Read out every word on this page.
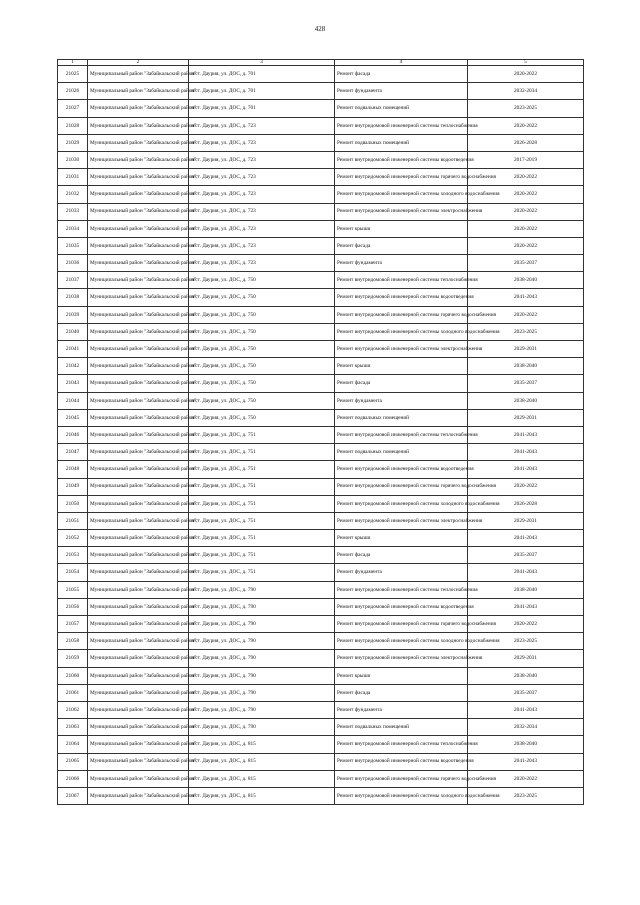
428
1	2	3	4	5
21025	Муниципальный район "Забайкальский район"	п/ст. Даурия, ул. ДОС, д. 701	Ремонт фасада	2020-2022
21026	Муниципальный район "Забайкальский район"	п/ст. Даурия, ул. ДОС, д. 701	Ремонт фундамента	2032-2034
21027	Муниципальный район "Забайкальский район"	п/ст. Даурия, ул. ДОС, д. 701	Ремонт подвальных помещений	2023-2025
21028	Муниципальный район "Забайкальский район"	п/ст. Даурия, ул. ДОС, д. 723	Ремонт внутридомовой инженерной системы теплоснабжения	2020-2022
21029	Муниципальный район "Забайкальский район"	п/ст. Даурия, ул. ДОС, д. 723	Ремонт подвальных помещений	2026-2028
21030	Муниципальный район "Забайкальский район"	п/ст. Даурия, ул. ДОС, д. 723	Ремонт внутридомовой инженерной системы водоотведения	2017-2019
21031	Муниципальный район "Забайкальский район"	п/ст. Даурия, ул. ДОС, д. 723	Ремонт внутридомовой инженерной системы горячего водоснабжения	2020-2022
21032	Муниципальный район "Забайкальский район"	п/ст. Даурия, ул. ДОС, д. 723	Ремонт внутридомовой инженерной системы холодного водоснабжения	2020-2022
21033	Муниципальный район "Забайкальский район"	п/ст. Даурия, ул. ДОС, д. 723	Ремонт внутридомовой инженерной системы электроснабжения	2020-2022
21034	Муниципальный район "Забайкальский район"	п/ст. Даурия, ул. ДОС, д. 723	Ремонт крыши	2020-2022
21035	Муниципальный район "Забайкальский район"	п/ст. Даурия, ул. ДОС, д. 723	Ремонт фасада	2020-2022
21036	Муниципальный район "Забайкальский район"	п/ст. Даурия, ул. ДОС, д. 723	Ремонт фундамента	2035-2037
21037	Муниципальный район "Забайкальский район"	п/ст. Даурия, ул. ДОС, д. 750	Ремонт внутридомовой инженерной системы теплоснабжения	2038-2040
21038	Муниципальный район "Забайкальский район"	п/ст. Даурия, ул. ДОС, д. 750	Ремонт внутридомовой инженерной системы водоотведения	2041-2043
21039	Муниципальный район "Забайкальский район"	п/ст. Даурия, ул. ДОС, д. 750	Ремонт внутридомовой инженерной системы горячего водоснабжения	2020-2022
21040	Муниципальный район "Забайкальский район"	п/ст. Даурия, ул. ДОС, д. 750	Ремонт внутридомовой инженерной системы холодного водоснабжения	2023-2025
21041	Муниципальный район "Забайкальский район"	п/ст. Даурия, ул. ДОС, д. 750	Ремонт внутридомовой инженерной системы электроснабжения	2029-2031
21042	Муниципальный район "Забайкальский район"	п/ст. Даурия, ул. ДОС, д. 750	Ремонт крыши	2038-2040
21043	Муниципальный район "Забайкальский район"	п/ст. Даурия, ул. ДОС, д. 750	Ремонт фасада	2035-2037
21044	Муниципальный район "Забайкальский район"	п/ст. Даурия, ул. ДОС, д. 750	Ремонт фундамента	2038-2040
21045	Муниципальный район "Забайкальский район"	п/ст. Даурия, ул. ДОС, д. 750	Ремонт подвальных помещений	2029-2031
21046	Муниципальный район "Забайкальский район"	п/ст. Даурия, ул. ДОС, д. 751	Ремонт внутридомовой инженерной системы теплоснабжения	2041-2043
21047	Муниципальный район "Забайкальский район"	п/ст. Даурия, ул. ДОС, д. 751	Ремонт подвальных помещений	2041-2043
21048	Муниципальный район "Забайкальский район"	п/ст. Даурия, ул. ДОС, д. 751	Ремонт внутридомовой инженерной системы водоотведения	2041-2043
21049	Муниципальный район "Забайкальский район"	п/ст. Даурия, ул. ДОС, д. 751	Ремонт внутридомовой инженерной системы горячего водоснабжения	2020-2022
21050	Муниципальный район "Забайкальский район"	п/ст. Даурия, ул. ДОС, д. 751	Ремонт внутридомовой инженерной системы холодного водоснабжения	2026-2028
21051	Муниципальный район "Забайкальский район"	п/ст. Даурия, ул. ДОС, д. 751	Ремонт внутридомовой инженерной системы электроснабжения	2029-2031
21052	Муниципальный район "Забайкальский район"	п/ст. Даурия, ул. ДОС, д. 751	Ремонт крыши	2041-2043
21053	Муниципальный район "Забайкальский район"	п/ст. Даурия, ул. ДОС, д. 751	Ремонт фасада	2035-2037
21054	Муниципальный район "Забайкальский район"	п/ст. Даурия, ул. ДОС, д. 751	Ремонт фундамента	2041-2043
21055	Муниципальный район "Забайкальский район"	п/ст. Даурия, ул. ДОС, д. 790	Ремонт внутридомовой инженерной системы теплоснабжения	2038-2040
21056	Муниципальный район "Забайкальский район"	п/ст. Даурия, ул. ДОС, д. 790	Ремонт внутридомовой инженерной системы водоотведения	2041-2043
21057	Муниципальный район "Забайкальский район"	п/ст. Даурия, ул. ДОС, д. 790	Ремонт внутридомовой инженерной системы горячего водоснабжения	2020-2022
21058	Муниципальный район "Забайкальский район"	п/ст. Даурия, ул. ДОС, д. 790	Ремонт внутридомовой инженерной системы холодного водоснабжения	2023-2025
21059	Муниципальный район "Забайкальский район"	п/ст. Даурия, ул. ДОС, д. 790	Ремонт внутридомовой инженерной системы электроснабжения	2029-2031
21060	Муниципальный район "Забайкальский район"	п/ст. Даурия, ул. ДОС, д. 790	Ремонт крыши	2038-2040
21061	Муниципальный район "Забайкальский район"	п/ст. Даурия, ул. ДОС, д. 790	Ремонт фасада	2035-2037
21062	Муниципальный район "Забайкальский район"	п/ст. Даурия, ул. ДОС, д. 790	Ремонт фундамента	2041-2043
21063	Муниципальный район "Забайкальский район"	п/ст. Даурия, ул. ДОС, д. 790	Ремонт подвальных помещений	2032-2034
21064	Муниципальный район "Забайкальский район"	п/ст. Даурия, ул. ДОС, д. 815	Ремонт внутридомовой инженерной системы теплоснабжения	2038-2040
21065	Муниципальный район "Забайкальский район"	п/ст. Даурия, ул. ДОС, д. 815	Ремонт внутридомовой инженерной системы водоотведения	2041-2043
21066	Муниципальный район "Забайкальский район"	п/ст. Даурия, ул. ДОС, д. 815	Ремонт внутридомовой инженерной системы горячего водоснабжения	2020-2022
21067	Муниципальный район "Забайкальский район"	п/ст. Даурия, ул. ДОС, д. 815	Ремонт внутридомовой инженерной системы холодного водоснабжения	2023-2025
